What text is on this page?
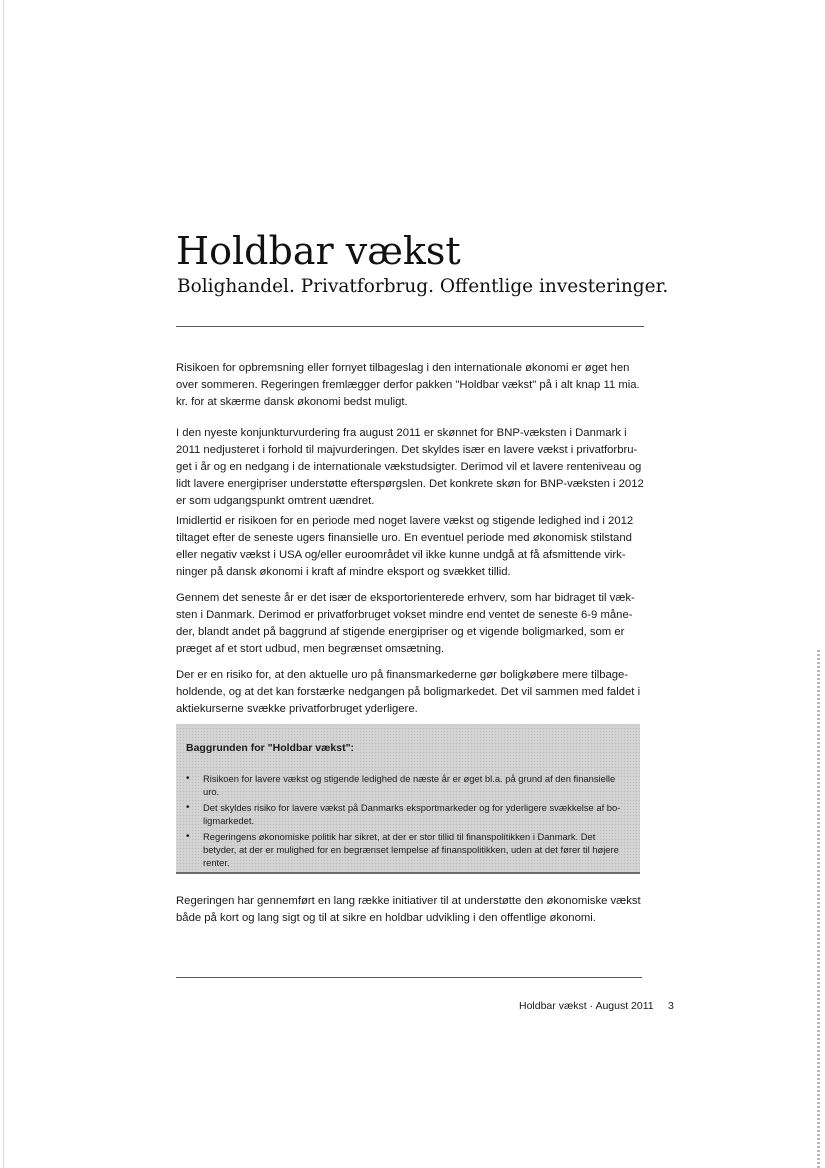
Holdbar vækst
Bolighandel. Privatforbrug. Offentlige investeringer.

Risikoen for opbremsning eller fornyet tilbageslag i den internationale økonomi er øget hen over sommeren. Regeringen fremlægger derfor pakken "Holdbar vækst" på i alt knap 11 mia. kr. for at skærme dansk økonomi bedst muligt.

I den nyeste konjunkturvurdering fra august 2011 er skønnet for BNP-væksten i Danmark i 2011 nedjusteret i forhold til majvurderingen. Det skyldes især en lavere vækst i privatforbruget i år og en nedgang i de internationale vækstudsigter. Derimod vil et lavere renteniveau og lidt lavere energipriser understøtte efterspørgslen. Det konkrete skøn for BNP-væksten i 2012 er som udgangspunkt omtrent uændret.

Imidlertid er risikoen for en periode med noget lavere vækst og stigende ledighed ind i 2012 tiltaget efter de seneste ugers finansielle uro. En eventuel periode med økonomisk stilstand eller negativ vækst i USA og/eller euroområdet vil ikke kunne undgå at få afsmittende virkninger på dansk økonomi i kraft af mindre eksport og svækket tillid.

Gennem det seneste år er det især de eksportorienterede erhverv, som har bidraget til væksten i Danmark. Derimod er privatforbruget vokset mindre end ventet de seneste 6-9 måneder, blandt andet på baggrund af stigende energipriser og et vigende boligmarked, som er præget af et stort udbud, men begrænset omsætning.

Der er en risiko for, at den aktuelle uro på finansmarkederne gør boligkøbere mere tilbageholdende, og at det kan forstærke nedgangen på boligmarkedet. Det vil sammen med faldet i aktiekurserne svække privatforbruget yderligere.

Baggrunden for "Holdbar vækst":

• Risikoen for lavere vækst og stigende ledighed de næste år er øget bl.a. på grund af den finansielle uro.
• Det skyldes risiko for lavere vækst på Danmarks eksportmarkeder og for yderligere svækkelse af boligmarkedet.
• Regeringens økonomiske politik har sikret, at der er stor tillid til finanspolitikken i Danmark. Det betyder, at der er mulighed for en begrænset lempelse af finanspolitikken, uden at det fører til højere renter.

Regeringen har gennemført en lang række initiativer til at understøtte den økonomiske vækst både på kort og lang sigt og til at sikre en holdbar udvikling i den offentlige økonomi.

Holdbar vækst · August 2011 3
